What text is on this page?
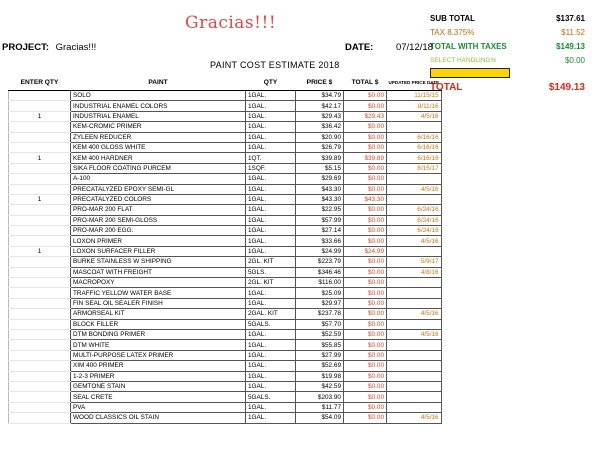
Gracias!!!	SUB TOTAL	$137.61
TAX 8.375%	$11.52
TOTAL WITH TAXES	$149.13
SELECT HANDLING%	$0.00
TOTAL	$149.13
PROJECT: Gracias!!!	DATE: 07/12/18
PAINT COST ESTIMATE 2018
ENTER QTY	PAINT	QTY	PRICE $	TOTAL $	UPDATED PRICE DATE
	SOLO	1GAL.	$34.79	$0.00	11/15/15
	INDUSTRIAL ENAMEL COLORS	1GAL.	$42.17	$0.00	8/11/16
1	INDUSTRIAL ENAMEL	1GAL.	$29.43	$29.43	4/5/16
	KEM-CROMIC PRIMER	1GAL.	$36.42	$0.00	
	ZYLEEN REDUCER	1GAL.	$20.90	$0.00	6/16/16
	KEM 400 GLOSS WHITE	1GAL.	$26.79	$0.00	6/16/16
1	KEM 400 HARDNER	1QT.	$39.89	$39.89	6/16/16
	SIKA FLOOR COATING PURCEM	1SQF.	$5.15	$0.00	8/15/17
	A-100	1GAL.	$29.69	$0.00	
	PRECATALYZED EPOXY SEMI-GL	1GAL.	$43.30	$0.00	4/5/16
1	PRECATALYZED COLORS	1GAL.	$43.30	$43.30	
	PRO-MAR 200 FLAT	1GAL.	$22.95	$0.00	6/24/16
	PRO-MAR 200 SEMI-GLOSS	1GAL.	$57.99	$0.00	6/24/16
	PRO-MAR 200 EGG.	1GAL.	$27.14	$0.00	6/24/16
	LOXON PRIMER	1GAL.	$33.66	$0.00	4/5/16
1	LOXON SURFACER FILLER	1GAL.	$24.99	$24.99	
	BURKE STAINLESS W SHIPPING	2GL. KIT	$223.79	$0.00	5/9/17
	MASCOAT WITH FREIGHT	5GLS.	$346.46	$0.00	4/8/16
	MACROPOXY	2GL. KIT	$116.00	$0.00	
	TRAFFIC YELLOW WATER BASE	1GAL.	$25.09	$0.00	
	FIN SEAL OIL SEALER FINISH	1GAL.	$29.97	$0.00	
	ARMORSEAL KIT	2GAL. KIT	$237.78	$0.00	4/5/16
	BLOCK FILLER	5GALS.	$57.70	$0.00	
	DTM BONDING PRIMER	1GAL.	$52.59	$0.00	4/5/16
	DTM WHITE	1GAL.	$55.85	$0.00	
	MULTI-PURPOSE LATEX PRIMER	1GAL.	$27.99	$0.00	
	XIM 400 PRIMER	1GAL.	$52.69	$0.00	
	1-2-3 PRIMER	1GAL.	$19.98	$0.00	
	GEMTONE STAIN	1GAL.	$42.59	$0.00	
	SEAL CRETE	5GALS.	$203.90	$0.00	
	PVA	1GAL.	$11.77	$0.00	
	WOOD CLASSICS OIL STAIN	1GAL.	$54.09	$0.00	4/5/16
